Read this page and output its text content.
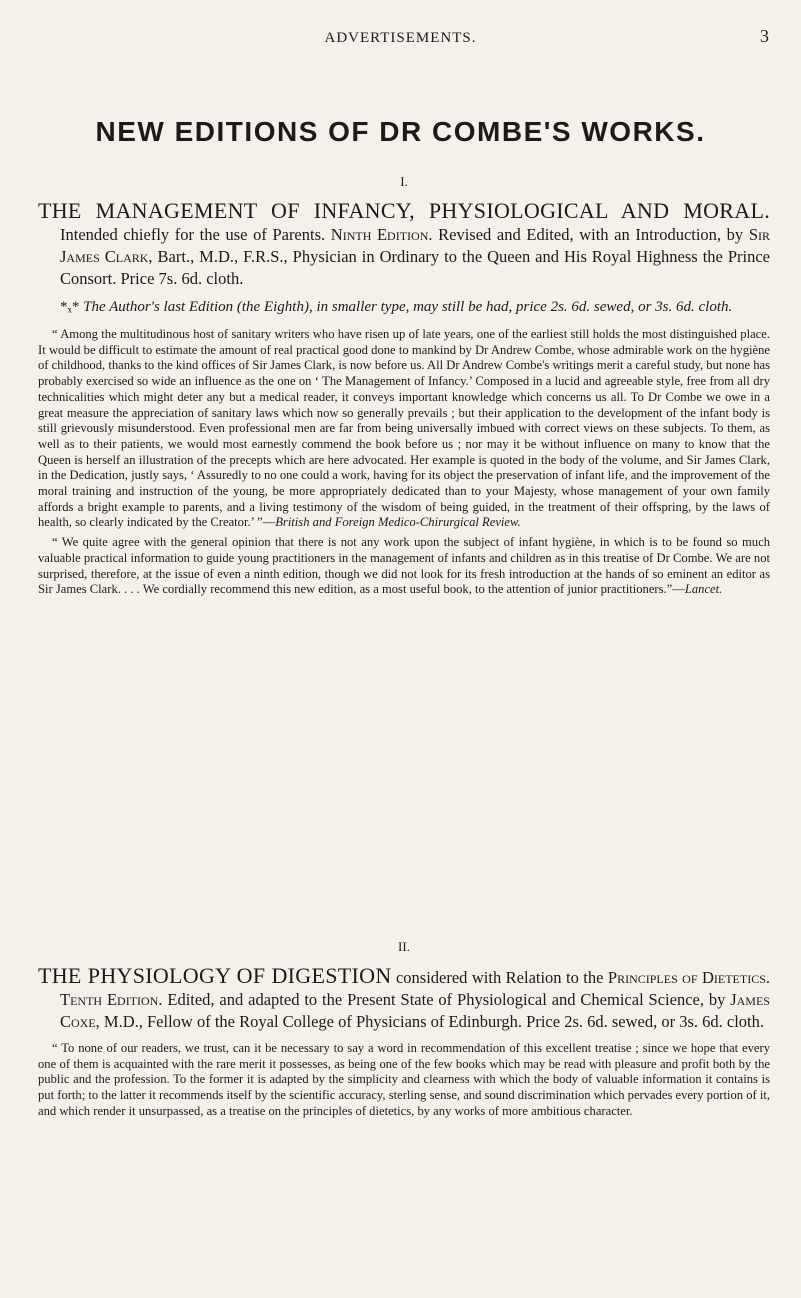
ADVERTISEMENTS.	3
NEW EDITIONS OF DR COMBE'S WORKS.
I.

THE MANAGEMENT OF INFANCY, PHYSIOLOGICAL AND MORAL. Intended chiefly for the use of Parents. Ninth Edition. Revised and Edited, with an Introduction, by Sir James Clark, Bart., M.D., F.R.S., Physician in Ordinary to the Queen and His Royal Highness the Prince Consort. Price 7s. 6d. cloth.

*ₓ* The Author's last Edition (the Eighth), in smaller type, may still be had, price 2s. 6d. sewed, or 3s. 6d. cloth.

“ Among the multitudinous host of sanitary writers who have risen up of late years, one of the earliest still holds the most distinguished place. It would be difficult to estimate the amount of real practical good done to mankind by Dr Andrew Combe, whose admirable work on the hygiène of childhood, thanks to the kind offices of Sir James Clark, is now before us. All Dr Andrew Combe's writings merit a careful study, but none has probably exercised so wide an influence as the one on ‘ The Management of Infancy.’ Composed in a lucid and agreeable style, free from all dry technicalities which might deter any but a medical reader, it conveys important knowledge which concerns us all. To Dr Combe we owe in a great measure the appreciation of sanitary laws which now so generally prevails ; but their application to the development of the infant body is still grievously misunderstood. Even professional men are far from being universally imbued with correct views on these subjects. To them, as well as to their patients, we would most earnestly commend the book before us ; nor may it be without influence on many to know that the Queen is herself an illustration of the precepts which are here advocated. Her example is quoted in the body of the volume, and Sir James Clark, in the Dedication, justly says, ‘ Assuredly to no one could a work, having for its object the preservation of infant life, and the improvement of the moral training and instruction of the young, be more appropriately dedicated than to your Majesty, whose management of your own family affords a bright example to parents, and a living testimony of the wisdom of being guided, in the treatment of their offspring, by the laws of health, so clearly indicated by the Creator.’ ”—British and Foreign Medico-Chirurgical Review.

“ We quite agree with the general opinion that there is not any work upon the subject of infant hygiène, in which is to be found so much valuable practical information to guide young practitioners in the management of infants and children as in this treatise of Dr Combe. We are not surprised, therefore, at the issue of even a ninth edition, though we did not look for its fresh introduction at the hands of so eminent an editor as Sir James Clark. . . . We cordially recommend this new edition, as a most useful book, to the attention of junior practitioners.”—Lancet.

II.

THE PHYSIOLOGY OF DIGESTION considered with Relation to the Principles of Dietetics. Tenth Edition. Edited, and adapted to the Present State of Physiological and Chemical Science, by James Coxe, M.D., Fellow of the Royal College of Physicians of Edinburgh. Price 2s. 6d. sewed, or 3s. 6d. cloth.

“ To none of our readers, we trust, can it be necessary to say a word in recommendation of this excellent treatise ; since we hope that every one of them is acquainted with the rare merit it possesses, as being one of the few books which may be read with pleasure and profit both by the public and the profession. To the former it is adapted by the simplicity and clearness with which the body of valuable information it contains is put forth; to the latter it recommends itself by the scientific accuracy, sterling sense, and sound discrimination which pervades every portion of it, and which render it unsurpassed, as a treatise on the principles of dietetics, by any works of more ambitious character.
